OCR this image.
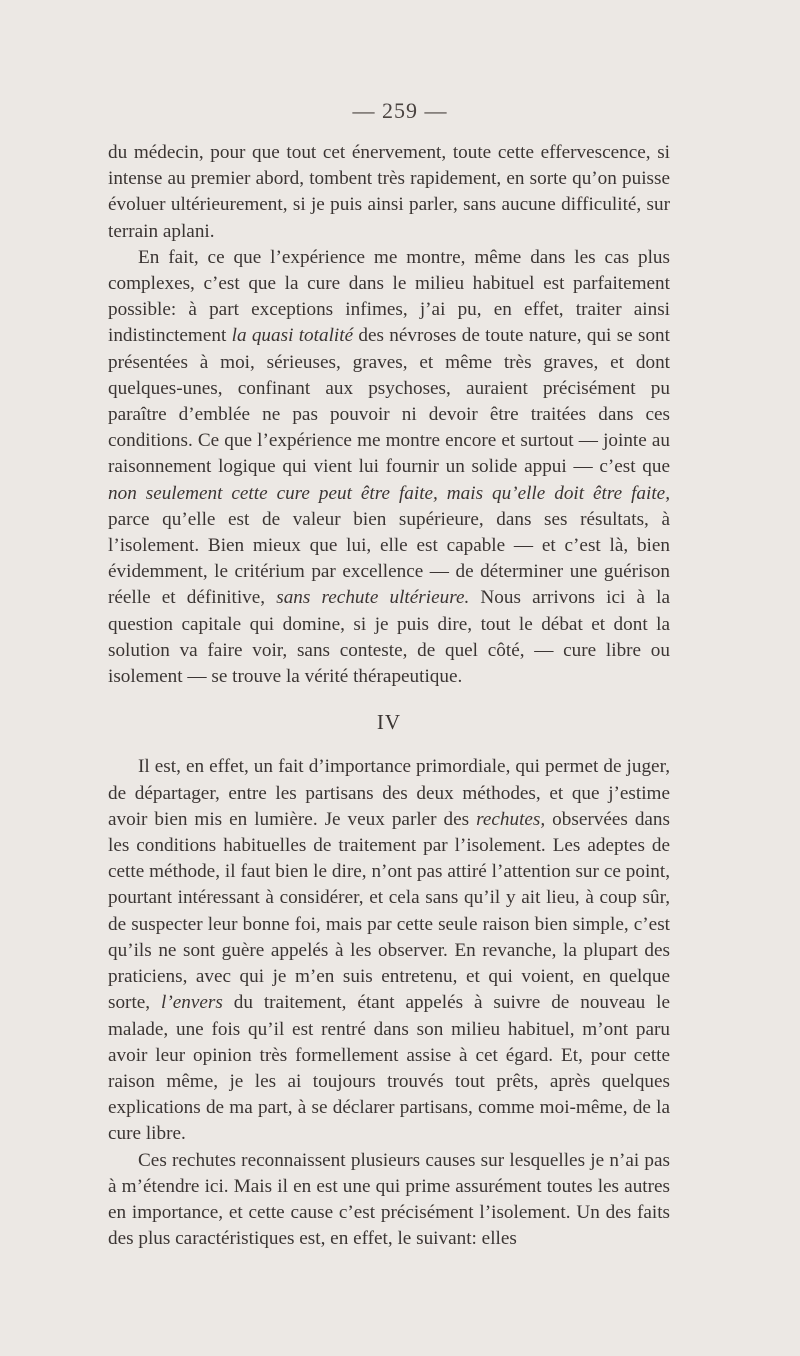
— 259 —

du médecin, pour que tout cet énervement, toute cette effervescence, si intense au premier abord, tombent très rapidement, en sorte qu’on puisse évoluer ultérieurement, si je puis ainsi parler, sans aucune difficulité, sur terrain aplani.

En fait, ce que l’expérience me montre, même dans les cas plus complexes, c’est que la cure dans le milieu habituel est parfaitement possible: à part exceptions infimes, j’ai pu, en effet, traiter ainsi indistinctement la quasi totalité des névroses de toute nature, qui se sont présentées à moi, sérieuses, graves, et même très graves, et dont quelques-unes, confinant aux psychoses, auraient précisément pu paraître d’emblée ne pas pouvoir ni devoir être traitées dans ces conditions. Ce que l’expérience me montre encore et surtout — jointe au raisonnement logique qui vient lui fournir un solide appui — c’est que non seulement cette cure peut être faite, mais qu’elle doit être faite, parce qu’elle est de valeur bien supérieure, dans ses résultats, à l’isolement. Bien mieux que lui, elle est capable — et c’est là, bien évidemment, le critérium par excellence — de déterminer une guérison réelle et définitive, sans rechute ultérieure. Nous arrivons ici à la question capitale qui domine, si je puis dire, tout le débat et dont la solution va faire voir, sans conteste, de quel côté, — cure libre ou isolement — se trouve la vérité thérapeutique.

IV

Il est, en effet, un fait d’importance primordiale, qui permet de juger, de départager, entre les partisans des deux méthodes, et que j’estime avoir bien mis en lumière. Je veux parler des rechutes, observées dans les conditions habituelles de traitement par l’isolement. Les adeptes de cette méthode, il faut bien le dire, n’ont pas attiré l’attention sur ce point, pourtant intéressant à considérer, et cela sans qu’il y ait lieu, à coup sûr, de suspecter leur bonne foi, mais par cette seule raison bien simple, c’est qu’ils ne sont guère appelés à les observer. En revanche, la plupart des praticiens, avec qui je m’en suis entretenu, et qui voient, en quelque sorte, l’envers du traitement, étant appelés à suivre de nouveau le malade, une fois qu’il est rentré dans son milieu habituel, m’ont paru avoir leur opinion très formellement assise à cet égard. Et, pour cette raison même, je les ai toujours trouvés tout prêts, après quelques explications de ma part, à se déclarer partisans, comme moi-même, de la cure libre.

Ces rechutes reconnaissent plusieurs causes sur lesquelles je n’ai pas à m’étendre ici. Mais il en est une qui prime assurément toutes les autres en importance, et cette cause c’est précisément l’isolement. Un des faits des plus caractéristiques est, en effet, le suivant: elles
